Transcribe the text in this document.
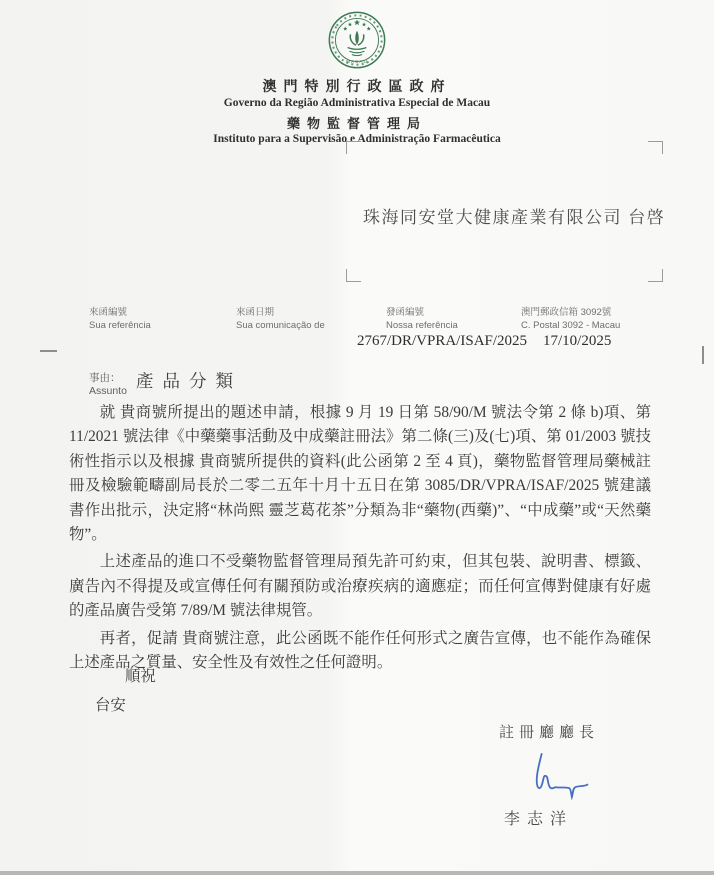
MACAU
澳門特別行政區政府
Governo da Região Administrativa Especial de Macau
藥物監督管理局
Instituto para a Supervisão e Administração Farmacêutica
珠海同安堂大健康產業有限公司 台啓
來函編號
Sua referência
來函日期
Sua comunicação de
發函編號
Nossa referência
澳門郵政信箱 3092號
C. Postal 3092 - Macau
2767/DR/VPRA/ISAF/2025 17/10/2025
事由：
Assunto 產品分類

就 貴商號所提出的題述申請，根據 9 月 19 日第 58/90/M 號法令第 2 條 b)項、第 11/2021 號法律《中藥藥事活動及中成藥註冊法》第二條(三)及(七)項、第 01/2003 號技術性指示以及根據 貴商號所提供的資料(此公函第 2 至 4 頁)，藥物監督管理局藥械註冊及檢驗範疇副局長於二零二五年十月十五日在第 3085/DR/VPRA/ISAF/2025 號建議書作出批示，決定將“林尚熙 靈芝葛花茶”分類為非“藥物(西藥)”、“中成藥”或“天然藥物”。

上述產品的進口不受藥物監督管理局預先許可約束，但其包裝、說明書、標籤、廣告內不得提及或宣傳任何有關預防或治療疾病的適應症；而任何宣傳對健康有好處的產品廣告受第 7/89/M 號法律規管。

再者，促請 貴商號注意，此公函既不能作任何形式之廣告宣傳，也不能作為確保上述產品之質量、安全性及有效性之任何證明。

順祝
台安
註冊廳廳長
李志洋
